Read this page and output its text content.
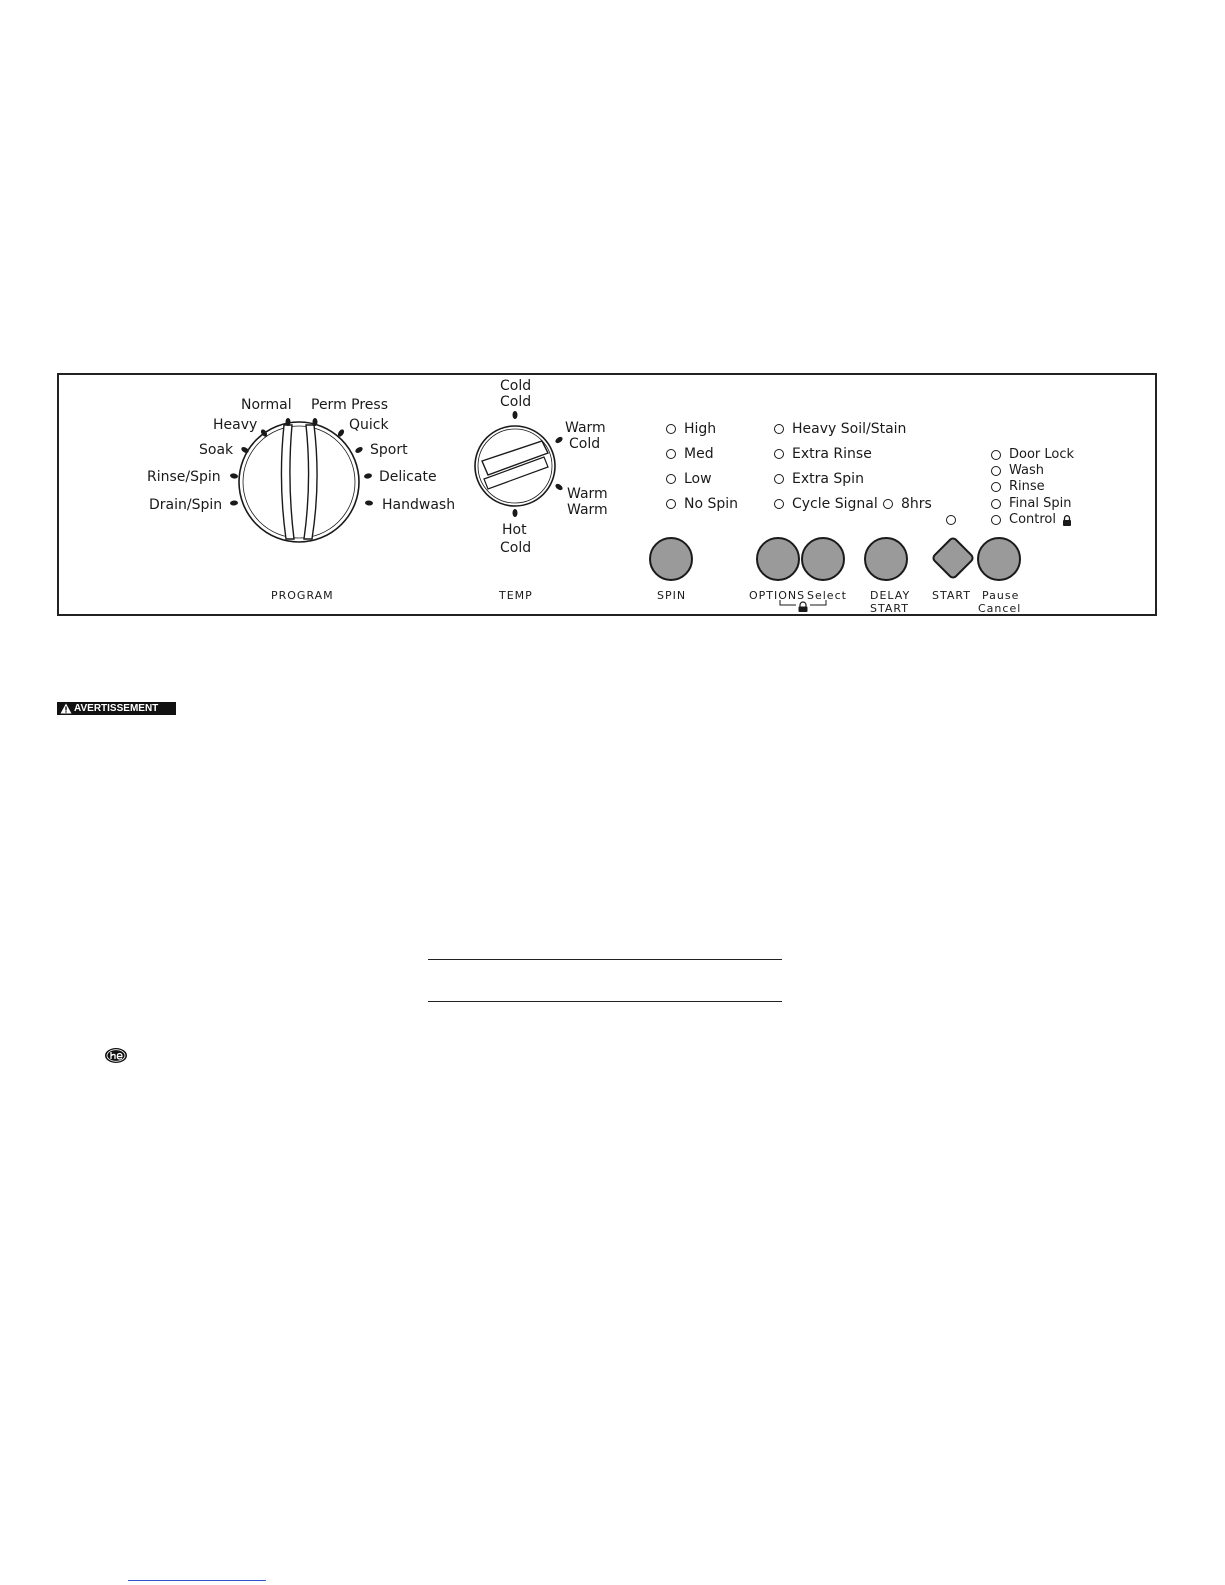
Normal Perm Press
Heavy	Quick
Soak	Sport
Rinse/Spin	Delicate
Drain/Spin	Handwash
PROGRAM
Cold
Cold
Warm
Cold
Warm
Warm
Hot
Cold
TEMP
High
Med
Low
No Spin
Heavy Soil/Stain
Extra Rinse
Extra Spin
Cycle Signal 8hrs
Door Lock
Wash
Rinse
Final Spin
Control
SPIN	OPTIONS Select DELAY
START
START Pause
Cancel
AVERTISSEMENT
